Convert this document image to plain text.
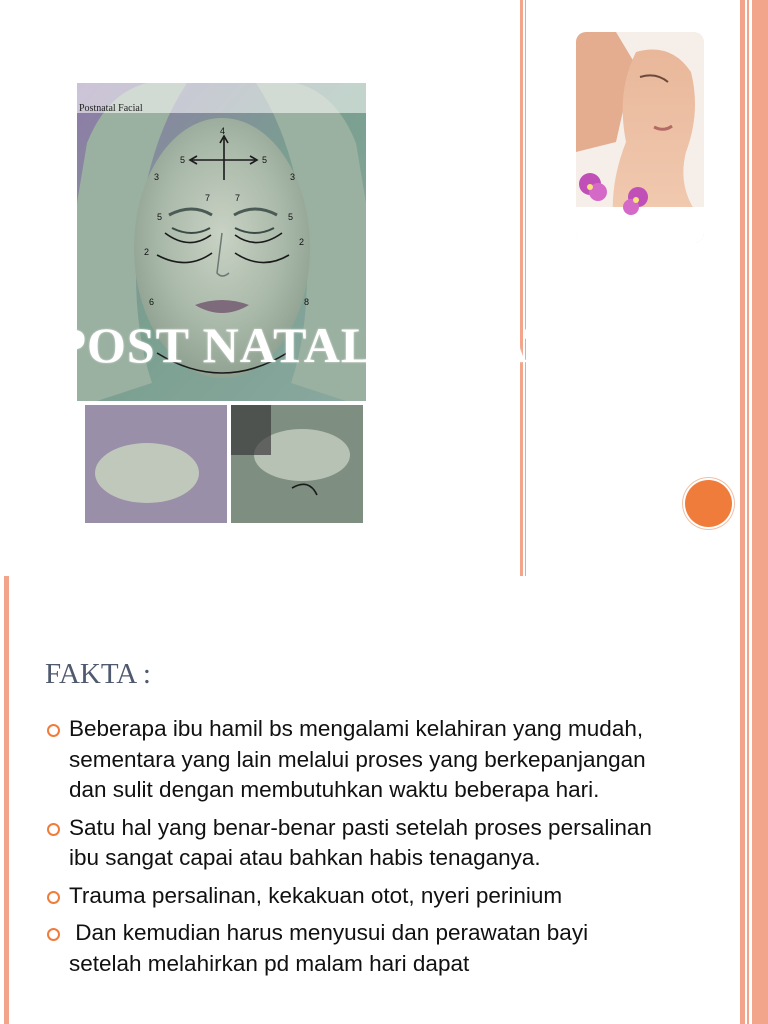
Postnatal Facial
4
5	5
3	3
7	7
5	5
2
2
6	8
POST NATAL TREATMENT
FAKTA :
Beberapa ibu hamil bs mengalami kelahiran yang mudah, sementara yang lain melalui proses yang berkepanjangan dan sulit dengan membutuhkan waktu beberapa hari.
Satu hal yang benar-benar pasti setelah proses persalinan ibu sangat capai atau bahkan habis tenaganya.
Trauma persalinan, kekakuan otot, nyeri perinium
Dan kemudian harus menyusui dan perawatan bayi setelah melahirkan pd malam hari dapat
